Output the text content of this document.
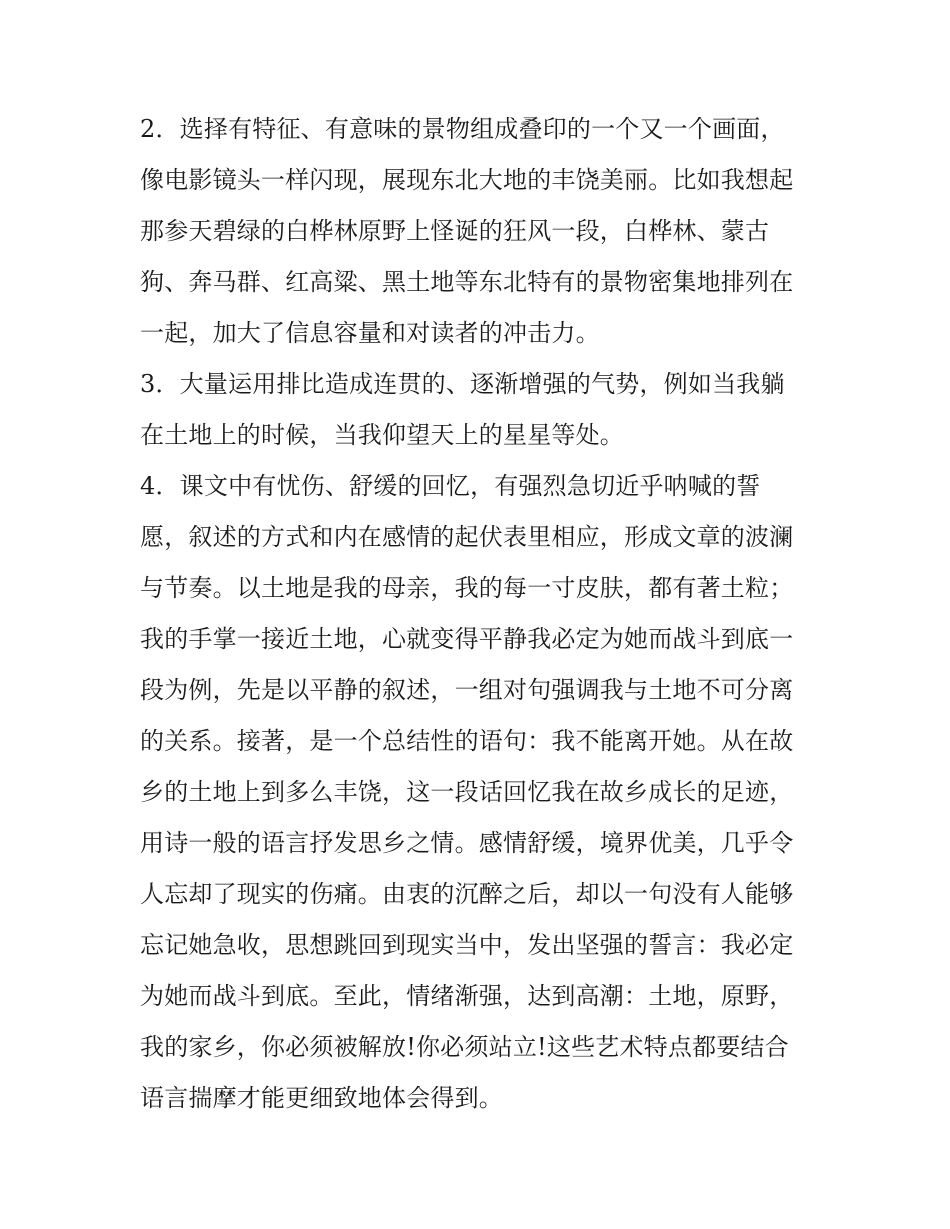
2．选择有特征、有意味的景物组成叠印的一个又一个画面，
像电影镜头一样闪现，展现东北大地的丰饶美丽。比如我想起
那参天碧绿的白桦林原野上怪诞的狂风一段，白桦林、蒙古
狗、奔马群、红高粱、黑土地等东北特有的景物密集地排列在
一起，加大了信息容量和对读者的冲击力。
3．大量运用排比造成连贯的、逐渐增强的气势，例如当我躺
在土地上的时候，当我仰望天上的星星等处。
4．课文中有忧伤、舒缓的回忆，有强烈急切近乎呐喊的誓
愿，叙述的方式和内在感情的起伏表里相应，形成文章的波澜
与节奏。以土地是我的母亲，我的每一寸皮肤，都有著土粒；
我的手掌一接近土地，心就变得平静我必定为她而战斗到底一
段为例，先是以平静的叙述，一组对句强调我与土地不可分离
的关系。接著，是一个总结性的语句：我不能离开她。从在故
乡的土地上到多么丰饶，这一段话回忆我在故乡成长的足迹，
用诗一般的语言抒发思乡之情。感情舒缓，境界优美，几乎令
人忘却了现实的伤痛。由衷的沉醉之后，却以一句没有人能够
忘记她急收，思想跳回到现实当中，发出坚强的誓言：我必定
为她而战斗到底。至此，情绪渐强，达到高潮：土地，原野，
我的家乡，你必须被解放!你必须站立!这些艺术特点都要结合
语言揣摩才能更细致地体会得到。
